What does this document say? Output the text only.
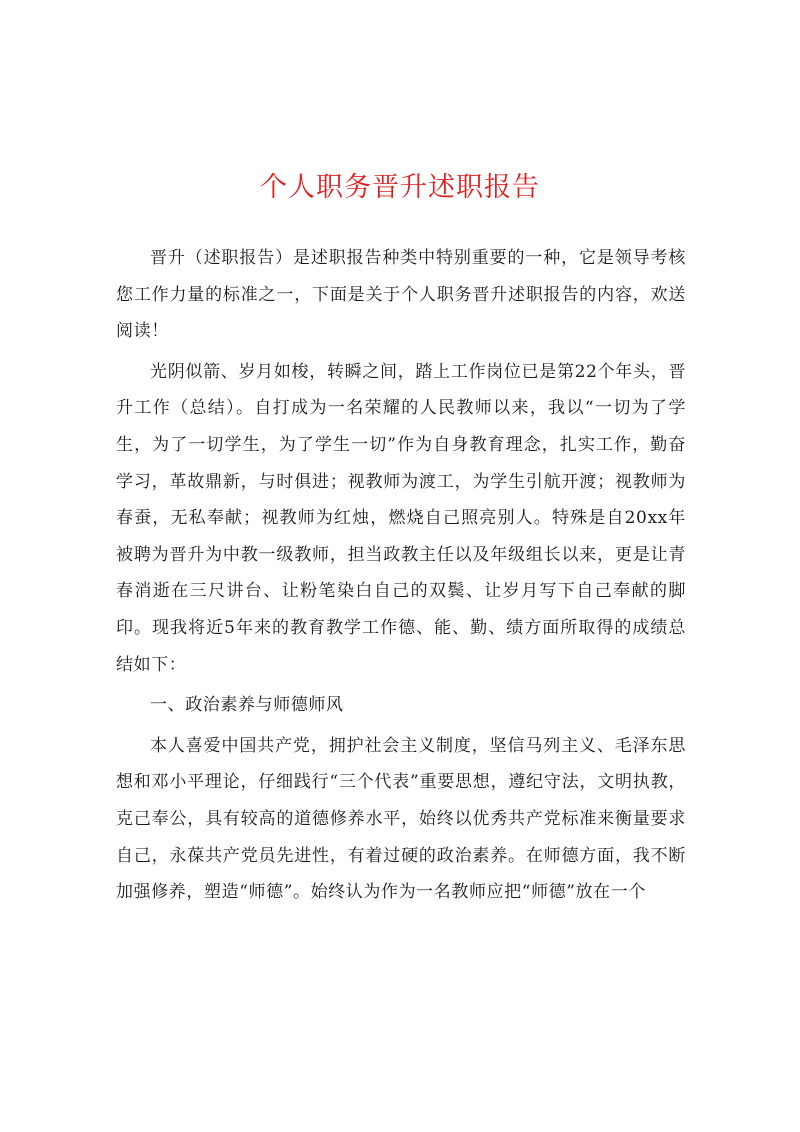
个人职务晋升述职报告

晋升（述职报告）是述职报告种类中特别重要的一种，它是领导考核您工作力量的标准之一，下面是关于个人职务晋升述职报告的内容，欢送阅读！

光阴似箭、岁月如梭，转瞬之间，踏上工作岗位已是第22个年头，晋升工作（总结）。自打成为一名荣耀的人民教师以来，我以“一切为了学生，为了一切学生，为了学生一切”作为自身教育理念，扎实工作，勤奋学习，革故鼎新，与时俱进；视教师为渡工，为学生引航开渡；视教师为春蚕，无私奉献；视教师为红烛，燃烧自己照亮别人。特殊是自20xx年被聘为晋升为中教一级教师，担当政教主任以及年级组长以来，更是让青春消逝在三尺讲台、让粉笔染白自己的双鬓、让岁月写下自己奉献的脚印。现我将近5年来的教育教学工作德、能、勤、绩方面所取得的成绩总结如下：

一、政治素养与师德师风

本人喜爱中国共产党，拥护社会主义制度，坚信马列主义、毛泽东思想和邓小平理论，仔细践行“三个代表”重要思想，遵纪守法，文明执教，克己奉公，具有较高的道德修养水平，始终以优秀共产党标准来衡量要求自己，永葆共产党员先进性，有着过硬的政治素养。在师德方面，我不断加强修养，塑造“师德”。始终认为作为一名教师应把“师德”放在一个
